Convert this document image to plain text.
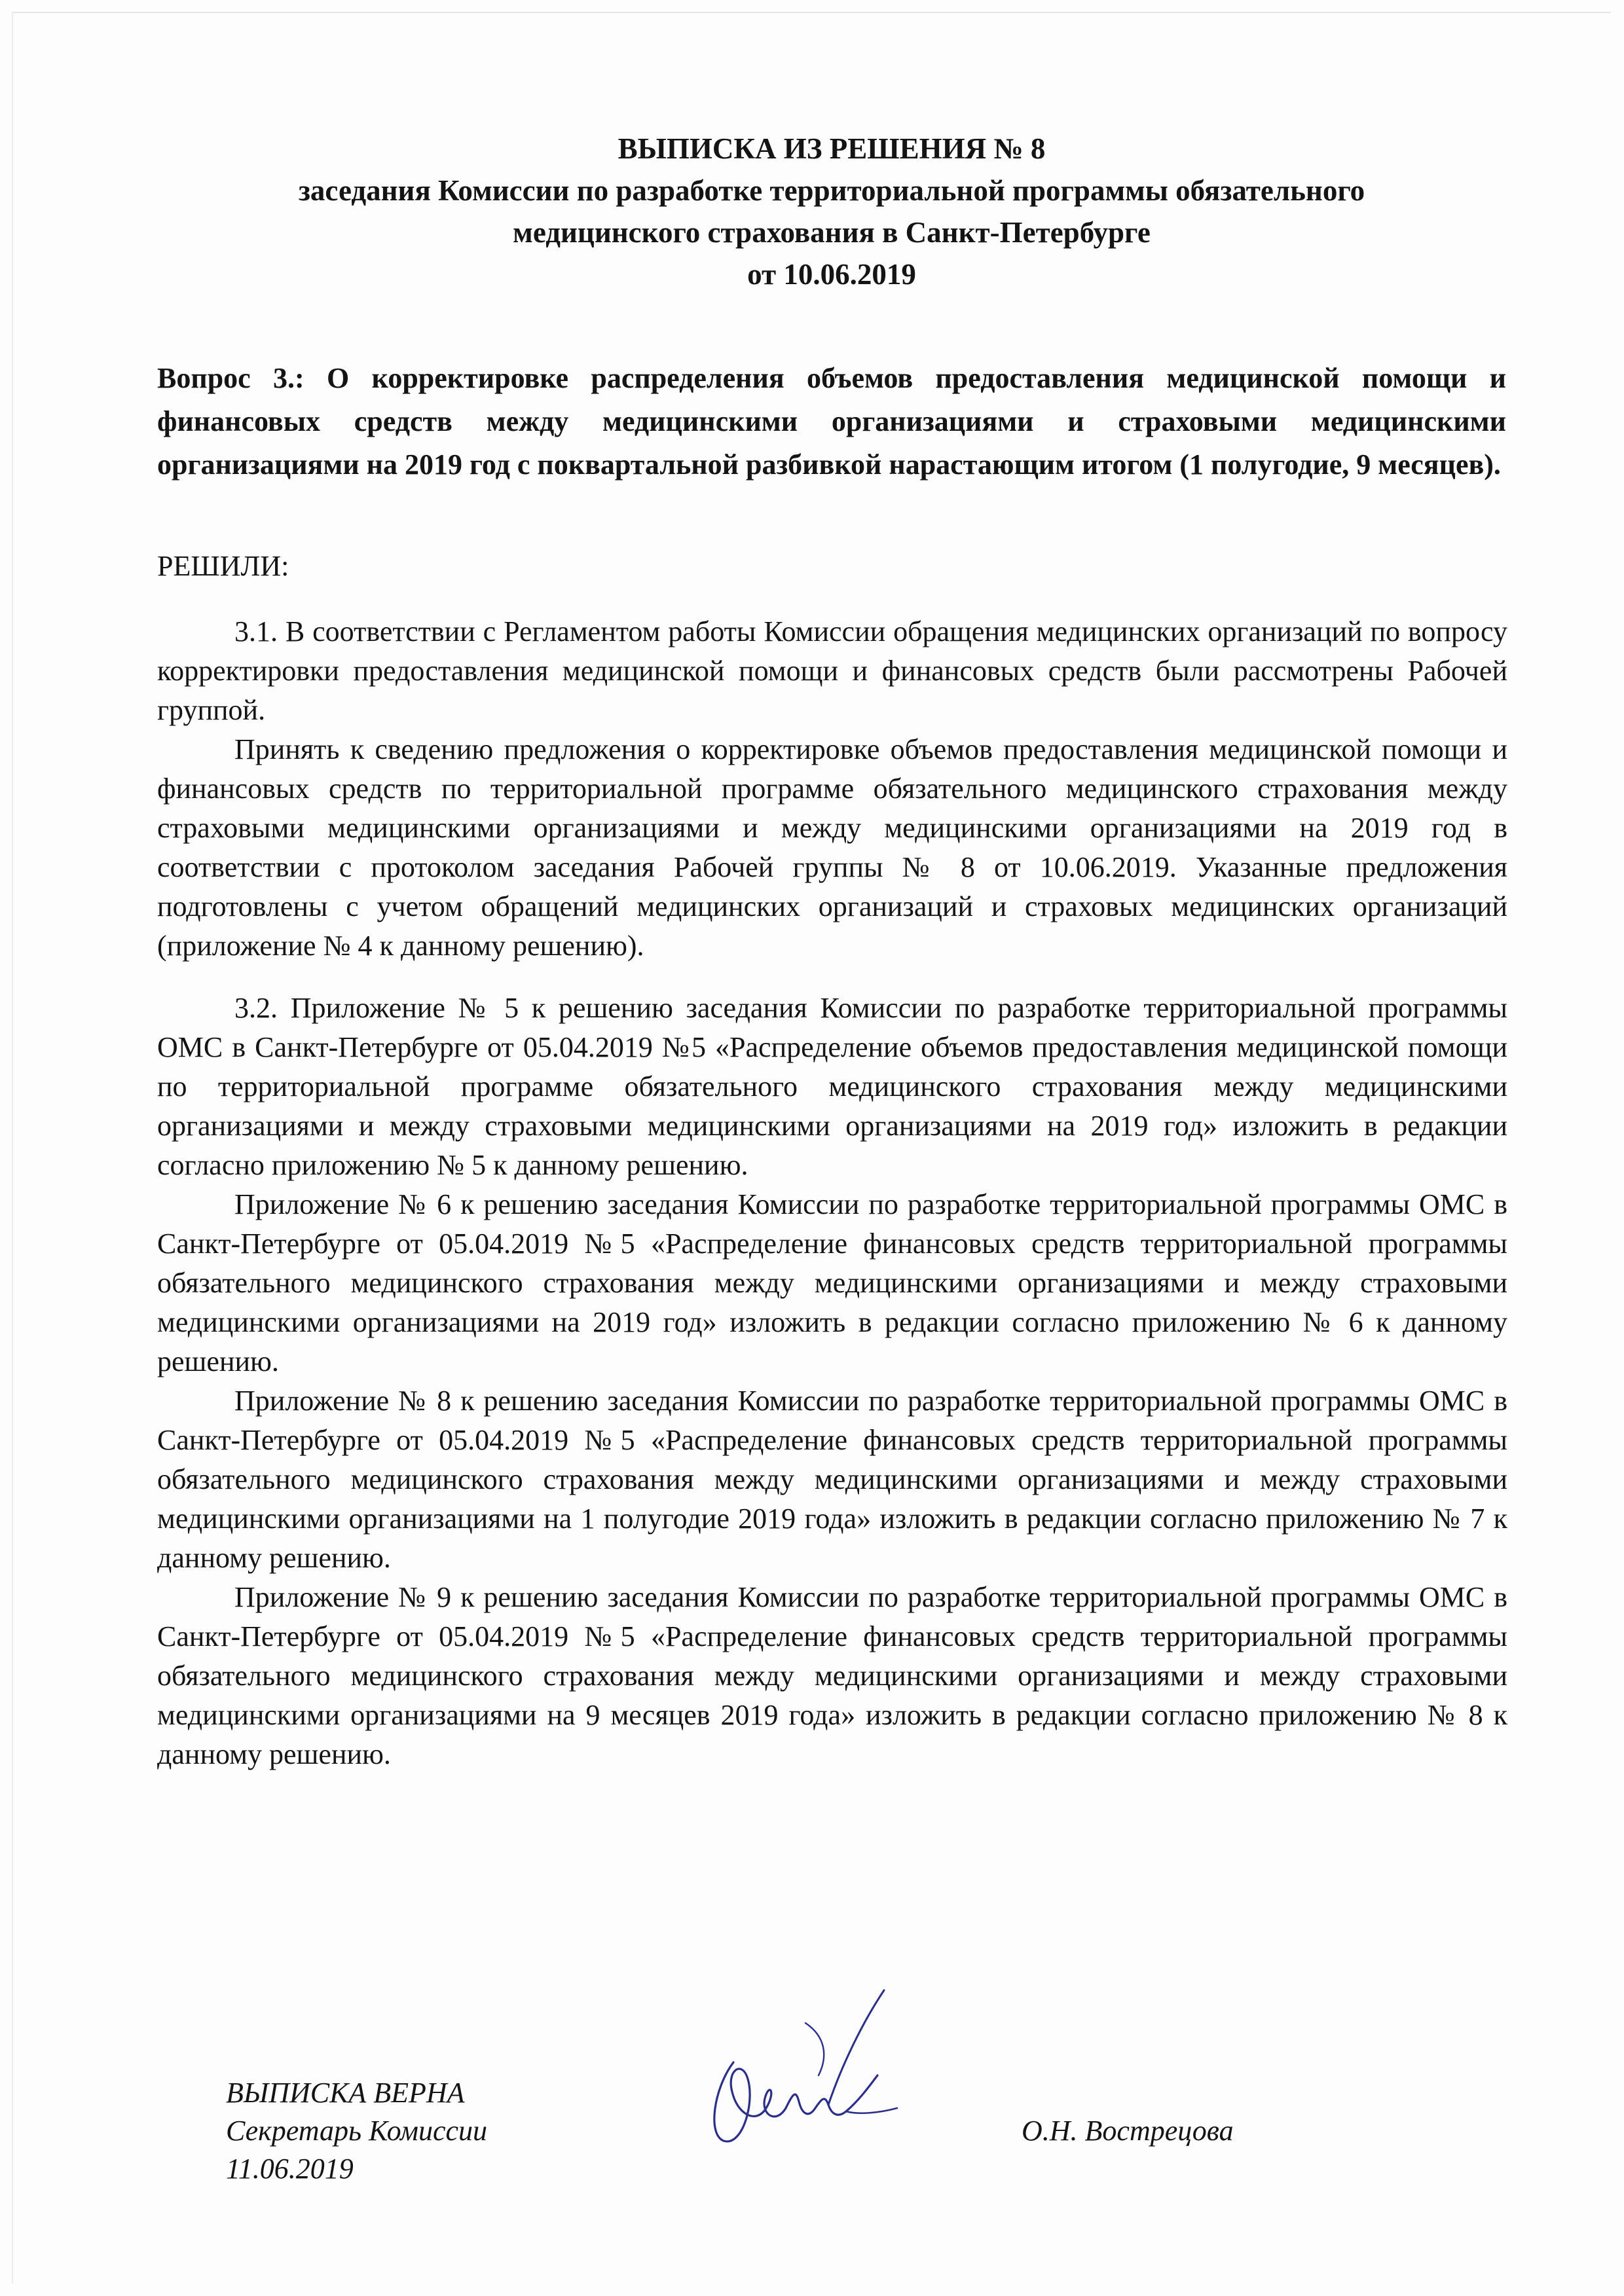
ВЫПИСКА ИЗ РЕШЕНИЯ № 8
заседания Комиссии по разработке территориальной программы обязательного
медицинского страхования в Санкт-Петербурге
от 10.06.2019
Вопрос 3.: О корректировке распределения объемов предоставления медицинской помощи и финансовых средств между медицинскими организациями и страховыми медицинскими организациями на 2019 год с поквартальной разбивкой нарастающим итогом (1 полугодие, 9 месяцев).
РЕШИЛИ:

3.1. В соответствии с Регламентом работы Комиссии обращения медицинских организаций по вопросу корректировки предоставления медицинской помощи и финансовых средств были рассмотрены Рабочей группой.

Принять к сведению предложения о корректировке объемов предоставления медицинской помощи и финансовых средств по территориальной программе обязательного медицинского страхования между страховыми медицинскими организациями и между медицинскими организациями на 2019 год в соответствии с протоколом заседания Рабочей группы № 8 от 10.06.2019. Указанные предложения подготовлены с учетом обращений медицинских организаций и страховых медицинских организаций (приложение № 4 к данному решению).

3.2. Приложение № 5 к решению заседания Комиссии по разработке территориальной программы ОМС в Санкт-Петербурге от 05.04.2019 №5 «Распределение объемов предоставления медицинской помощи по территориальной программе обязательного медицинского страхования между медицинскими организациями и между страховыми медицинскими организациями на 2019 год» изложить в редакции согласно приложению № 5 к данному решению.

Приложение № 6 к решению заседания Комиссии по разработке территориальной программы ОМС в Санкт-Петербурге от 05.04.2019 №5 «Распределение финансовых средств территориальной программы обязательного медицинского страхования между медицинскими организациями и между страховыми медицинскими организациями на 2019 год» изложить в редакции согласно приложению № 6 к данному решению.

Приложение № 8 к решению заседания Комиссии по разработке территориальной программы ОМС в Санкт-Петербурге от 05.04.2019 №5 «Распределение финансовых средств территориальной программы обязательного медицинского страхования между медицинскими организациями и между страховыми медицинскими организациями на 1 полугодие 2019 года» изложить в редакции согласно приложению № 7 к данному решению.

Приложение № 9 к решению заседания Комиссии по разработке территориальной программы ОМС в Санкт-Петербурге от 05.04.2019 №5 «Распределение финансовых средств территориальной программы обязательного медицинского страхования между медицинскими организациями и между страховыми медицинскими организациями на 9 месяцев 2019 года» изложить в редакции согласно приложению № 8 к данному решению.

ВЫПИСКА ВЕРНА
Секретарь Комиссии
11.06.2019
О.Н. Вострецова
